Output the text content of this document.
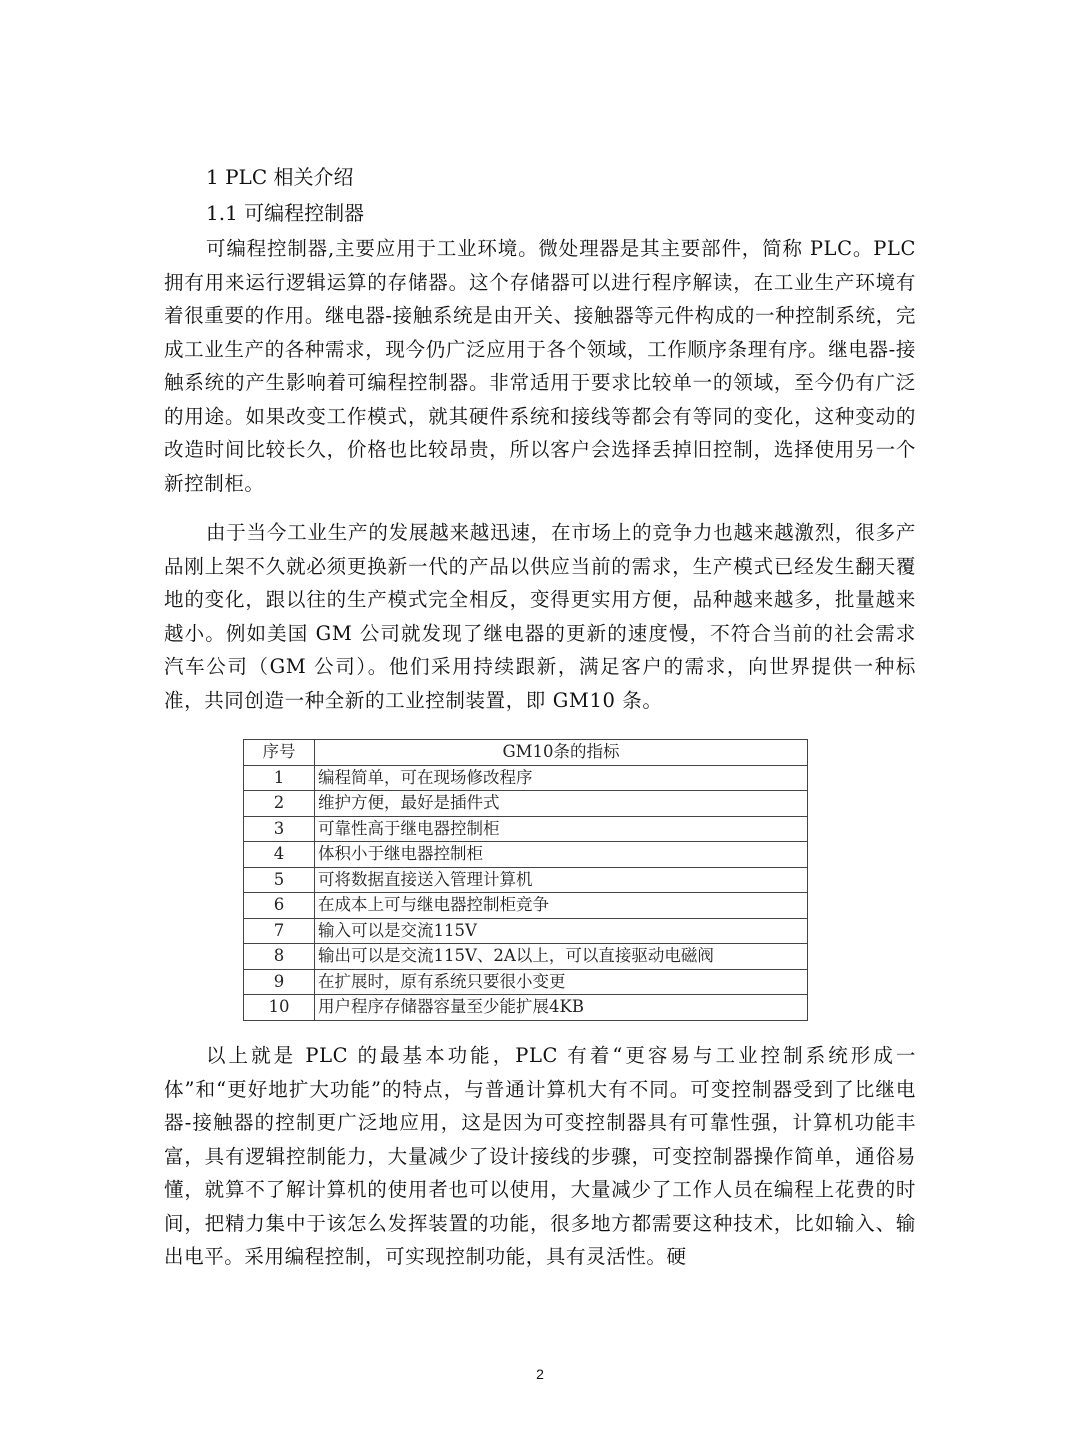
1 PLC 相关介绍
1.1 可编程控制器

可编程控制器,主要应用于工业环境。微处理器是其主要部件，简称 PLC。PLC 拥有用来运行逻辑运算的存储器。这个存储器可以进行程序解读，在工业生产环境有着很重要的作用。继电器-接触系统是由开关、接触器等元件构成的一种控制系统，完成工业生产的各种需求，现今仍广泛应用于各个领域，工作顺序条理有序。继电器-接触系统的产生影响着可编程控制器。非常适用于要求比较单一的领域，至今仍有广泛的用途。如果改变工作模式，就其硬件系统和接线等都会有等同的变化，这种变动的改造时间比较长久，价格也比较昂贵，所以客户会选择丢掉旧控制，选择使用另一个新控制柜。

由于当今工业生产的发展越来越迅速，在市场上的竞争力也越来越激烈，很多产品刚上架不久就必须更换新一代的产品以供应当前的需求，生产模式已经发生翻天覆地的变化，跟以往的生产模式完全相反，变得更实用方便，品种越来越多，批量越来越小。例如美国 GM 公司就发现了继电器的更新的速度慢，不符合当前的社会需求汽车公司（GM 公司）。他们采用持续跟新，满足客户的需求，向世界提供一种标准，共同创造一种全新的工业控制装置，即 GM10 条。

序号	GM10条的指标
1	编程简单，可在现场修改程序
2	维护方便，最好是插件式
3	可靠性高于继电器控制柜
4	体积小于继电器控制柜
5	可将数据直接送入管理计算机
6	在成本上可与继电器控制柜竞争
7	输入可以是交流115V
8	输出可以是交流115V、2A以上，可以直接驱动电磁阀
9	在扩展时，原有系统只要很小变更
10	用户程序存储器容量至少能扩展4KB

以上就是 PLC 的最基本功能，PLC 有着“更容易与工业控制系统形成一体”和“更好地扩大功能”的特点，与普通计算机大有不同。可变控制器受到了比继电器-接触器的控制更广泛地应用，这是因为可变控制器具有可靠性强，计算机功能丰富，具有逻辑控制能力，大量减少了设计接线的步骤，可变控制器操作简单，通俗易懂，就算不了解计算机的使用者也可以使用，大量减少了工作人员在编程上花费的时间，把精力集中于该怎么发挥装置的功能，很多地方都需要这种技术，比如输入、输出电平。采用编程控制，可实现控制功能，具有灵活性。硬

2
